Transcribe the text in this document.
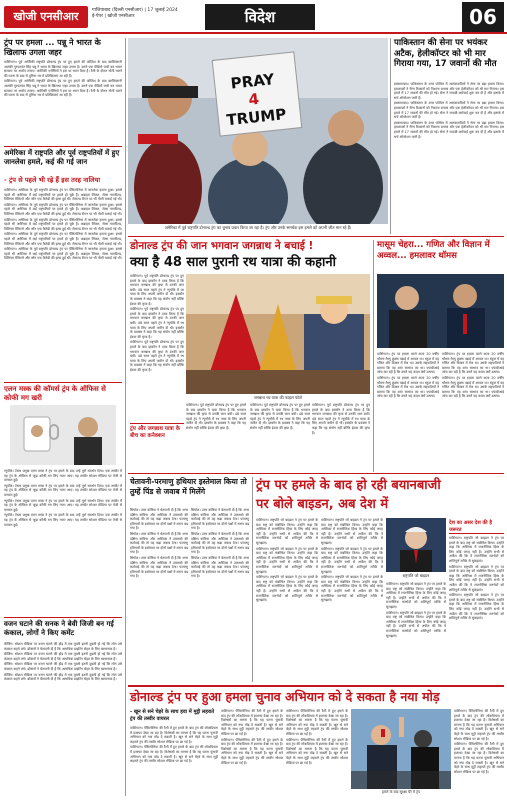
खोजी एनसीआर	गाजियाबाद (दिल्ली एनसीआर) | 17 जुलाई 2024
ई-पेपर | खोजी एनसीआर	विदेश	06
ट्रंप पर हमला ... पन्नू ने भारत के खिलाफ उगला जहर

वाशिंगटन। पूर्व अमेरिकी राष्ट्रपति डोनाल्ड ट्रंप पर हुए हमले की कोशिश के बाद खालिस्तानी आतंकी गुरपतवंत सिंह पन्नू ने भारत के खिलाफ जहर उगला है। उसने एक वीडियो जारी कर भारत सरकार पर आरोप लगाए। अमेरिकी एजेंसियों ने इस पर ध्यान दिया है। रैली के दौरान गोली चलने की घटना के बाद से दुनिया भर में प्रतिक्रियाएं आ रही हैं।

वाशिंगटन। पूर्व अमेरिकी राष्ट्रपति डोनाल्ड ट्रंप पर हुए हमले की कोशिश के बाद खालिस्तानी आतंकी गुरपतवंत सिंह पन्नू ने भारत के खिलाफ जहर उगला है। उसने एक वीडियो जारी कर भारत सरकार पर आरोप लगाए। अमेरिकी एजेंसियों ने इस पर ध्यान दिया है। रैली के दौरान गोली चलने की घटना के बाद से दुनिया भर में प्रतिक्रियाएं आ रही हैं।

अमेरिका में राष्ट्रपति और पूर्व राष्ट्रपतियों में हुए जानलेवा हमले, कई की गई जान
- ट्रंप से पहले भी रह्रे हैं इस तरह नालिया

वाशिंगटन। अमेरिका के पूर्व राष्ट्रपति डोनाल्ड ट्रंप पर पेंसिल्वेनिया में जानलेवा हमला हुआ। इससे पहले भी अमेरिका में कई राष्ट्रपतियों पर हमले हो चुके हैं। अब्राहम लिंकन, जेम्स गारफील्ड, विलियम मैकिन्ले और जॉन एफ कैनेडी की हत्या हुई थी। रोनाल्ड रीगन पर भी गोली चलाई गई थी।

वाशिंगटन। अमेरिका के पूर्व राष्ट्रपति डोनाल्ड ट्रंप पर पेंसिल्वेनिया में जानलेवा हमला हुआ। इससे पहले भी अमेरिका में कई राष्ट्रपतियों पर हमले हो चुके हैं। अब्राहम लिंकन, जेम्स गारफील्ड, विलियम मैकिन्ले और जॉन एफ कैनेडी की हत्या हुई थी। रोनाल्ड रीगन पर भी गोली चलाई गई थी।

वाशिंगटन। अमेरिका के पूर्व राष्ट्रपति डोनाल्ड ट्रंप पर पेंसिल्वेनिया में जानलेवा हमला हुआ। इससे पहले भी अमेरिका में कई राष्ट्रपतियों पर हमले हो चुके हैं। अब्राहम लिंकन, जेम्स गारफील्ड, विलियम मैकिन्ले और जॉन एफ कैनेडी की हत्या हुई थी। रोनाल्ड रीगन पर भी गोली चलाई गई थी।

वाशिंगटन। अमेरिका के पूर्व राष्ट्रपति डोनाल्ड ट्रंप पर पेंसिल्वेनिया में जानलेवा हमला हुआ। इससे पहले भी अमेरिका में कई राष्ट्रपतियों पर हमले हो चुके हैं। अब्राहम लिंकन, जेम्स गारफील्ड, विलियम मैकिन्ले और जॉन एफ कैनेडी की हत्या हुई थी। रोनाल्ड रीगन पर भी गोली चलाई गई थी।

वाशिंगटन। अमेरिका के पूर्व राष्ट्रपति डोनाल्ड ट्रंप पर पेंसिल्वेनिया में जानलेवा हमला हुआ। इससे पहले भी अमेरिका में कई राष्ट्रपतियों पर हमले हो चुके हैं। अब्राहम लिंकन, जेम्स गारफील्ड, विलियम मैकिन्ले और जॉन एफ कैनेडी की हत्या हुई थी। रोनाल्ड रीगन पर भी गोली चलाई गई थी।

एलन मस्क की कॉमर्स ट्रंप के ऑफिस से कोफी मग खरी

न्यूयॉर्क। टेस्ला प्रमुख एलन मस्क ने ट्रंप पर हमले के बाद उन्हें पूर्ण समर्थन दिया। एक तस्वीर में वह ट्रंप के ऑफिस से जुड़ा कॉफी मग लिए नजर आए। यह तस्वीर सोशल मीडिया पर तेजी से वायरल हुई।

न्यूयॉर्क। टेस्ला प्रमुख एलन मस्क ने ट्रंप पर हमले के बाद उन्हें पूर्ण समर्थन दिया। एक तस्वीर में वह ट्रंप के ऑफिस से जुड़ा कॉफी मग लिए नजर आए। यह तस्वीर सोशल मीडिया पर तेजी से वायरल हुई।

न्यूयॉर्क। टेस्ला प्रमुख एलन मस्क ने ट्रंप पर हमले के बाद उन्हें पूर्ण समर्थन दिया। एक तस्वीर में वह ट्रंप के ऑफिस से जुड़ा कॉफी मग लिए नजर आए। यह तस्वीर सोशल मीडिया पर तेजी से वायरल हुई।

न्यूयॉर्क। टेस्ला प्रमुख एलन मस्क ने ट्रंप पर हमले के बाद उन्हें पूर्ण समर्थन दिया। एक तस्वीर में वह ट्रंप के ऑफिस से जुड़ा कॉफी मग लिए नजर आए। यह तस्वीर सोशल मीडिया पर तेजी से वायरल हुई।

वजन घटाने की सनक ने बेवी जिजी बन गई कंकाल, लोगों ने किए कमेंट

बीजिंग। सोशल मीडिया पर वजन घटाने की होड़ में एक युवती इतनी दुबली हो गई कि लोग उसे कंकाल कहने लगे। डॉक्टरों ने चेतावनी दी है कि अत्यधिक डाइटिंग सेहत के लिए खतरनाक है।

बीजिंग। सोशल मीडिया पर वजन घटाने की होड़ में एक युवती इतनी दुबली हो गई कि लोग उसे कंकाल कहने लगे। डॉक्टरों ने चेतावनी दी है कि अत्यधिक डाइटिंग सेहत के लिए खतरनाक है।

बीजिंग। सोशल मीडिया पर वजन घटाने की होड़ में एक युवती इतनी दुबली हो गई कि लोग उसे कंकाल कहने लगे। डॉक्टरों ने चेतावनी दी है कि अत्यधिक डाइटिंग सेहत के लिए खतरनाक है।

बीजिंग। सोशल मीडिया पर वजन घटाने की होड़ में एक युवती इतनी दुबली हो गई कि लोग उसे कंकाल कहने लगे। डॉक्टरों ने चेतावनी दी है कि अत्यधिक डाइटिंग सेहत के लिए खतरनाक है।

PRAY
4
TRUMP
अमेरिका में पूर्व राष्ट्रपति डोनाल्ड ट्रंप का चुनाव प्रचार किया जा रहा है। ट्रंप और उनके समर्थक इस हमले को अपनी जीत मान रहे हैं।
पाकिस्तान की सेना पर भयंकर अटैक, हेलीकॉप्टर को भी मार गिराया गया, 17 जवानों की मौत

इस्लामाबाद। पाकिस्तान के उत्तर पश्चिम में आतंकवादियों ने सेना पर बड़ा हमला किया। हमलावरों ने सैन्य ठिकानों को निशाना बनाया और एक हेलीकॉप्टर को भी मार गिराया। इस हमले में 17 जवानों की मौत हो गई। सेना ने जवाबी कार्रवाई शुरू कर दी है और इलाके में सर्च ऑपरेशन जारी है।

इस्लामाबाद। पाकिस्तान के उत्तर पश्चिम में आतंकवादियों ने सेना पर बड़ा हमला किया। हमलावरों ने सैन्य ठिकानों को निशाना बनाया और एक हेलीकॉप्टर को भी मार गिराया। इस हमले में 17 जवानों की मौत हो गई। सेना ने जवाबी कार्रवाई शुरू कर दी है और इलाके में सर्च ऑपरेशन जारी है।

इस्लामाबाद। पाकिस्तान के उत्तर पश्चिम में आतंकवादियों ने सेना पर बड़ा हमला किया। हमलावरों ने सैन्य ठिकानों को निशाना बनाया और एक हेलीकॉप्टर को भी मार गिराया। इस हमले में 17 जवानों की मौत हो गई। सेना ने जवाबी कार्रवाई शुरू कर दी है और इलाके में सर्च ऑपरेशन जारी है।

डोनाल्ड ट्रंप की जान भगवान जगन्नाथ ने बचाई !
क्या है 48 साल पुरानी रथ यात्रा की कहानी

वाशिंगटन। पूर्व राष्ट्रपति डोनाल्ड ट्रंप पर हुए हमले के बाद इस्कॉन ने दावा किया है कि भगवान जगन्नाथ की कृपा से उनकी जान बची। 48 साल पहले ट्रंप ने न्यूयॉर्क में रथ यात्रा के लिए अपनी जमीन दी थी। इस्कॉन के प्रवक्ता ने कहा कि यह संयोग नहीं बल्कि ईश्वर की कृपा है।

वाशिंगटन। पूर्व राष्ट्रपति डोनाल्ड ट्रंप पर हुए हमले के बाद इस्कॉन ने दावा किया है कि भगवान जगन्नाथ की कृपा से उनकी जान बची। 48 साल पहले ट्रंप ने न्यूयॉर्क में रथ यात्रा के लिए अपनी जमीन दी थी। इस्कॉन के प्रवक्ता ने कहा कि यह संयोग नहीं बल्कि ईश्वर की कृपा है।

वाशिंगटन। पूर्व राष्ट्रपति डोनाल्ड ट्रंप पर हुए हमले के बाद इस्कॉन ने दावा किया है कि भगवान जगन्नाथ की कृपा से उनकी जान बची। 48 साल पहले ट्रंप ने न्यूयॉर्क में रथ यात्रा के लिए अपनी जमीन दी थी। इस्कॉन के प्रवक्ता ने कहा कि यह संयोग नहीं बल्कि ईश्वर की कृपा है।

जगन्नाथ रथ यात्रा की फाइल फोटो

वाशिंगटन। पूर्व राष्ट्रपति डोनाल्ड ट्रंप पर हुए हमले के बाद इस्कॉन ने दावा किया है कि भगवान जगन्नाथ की कृपा से उनकी जान बची। 48 साल पहले ट्रंप ने न्यूयॉर्क में रथ यात्रा के लिए अपनी जमीन दी थी। इस्कॉन के प्रवक्ता ने कहा कि यह संयोग नहीं बल्कि ईश्वर की कृपा है।

वाशिंगटन। पूर्व राष्ट्रपति डोनाल्ड ट्रंप पर हुए हमले के बाद इस्कॉन ने दावा किया है कि भगवान जगन्नाथ की कृपा से उनकी जान बची। 48 साल पहले ट्रंप ने न्यूयॉर्क में रथ यात्रा के लिए अपनी जमीन दी थी। इस्कॉन के प्रवक्ता ने कहा कि यह संयोग नहीं बल्कि ईश्वर की कृपा है।

वाशिंगटन। पूर्व राष्ट्रपति डोनाल्ड ट्रंप पर हुए हमले के बाद इस्कॉन ने दावा किया है कि भगवान जगन्नाथ की कृपा से उनकी जान बची। 48 साल पहले ट्रंप ने न्यूयॉर्क में रथ यात्रा के लिए अपनी जमीन दी थी। इस्कॉन के प्रवक्ता ने कहा कि यह संयोग नहीं बल्कि ईश्वर की कृपा है।

ट्रंप और जगन्नाथ यात्रा के बीच का कनेक्शन
मासूम चेहरा... गणित और विज्ञान में अव्वल... हमलावर थॉमस

वाशिंगटन। ट्रंप पर हमला करने वाला 20 वर्षीय थॉमस मैथ्यू क्रुक्स पढ़ाई में अव्वल था। स्कूल में वह गणित और विज्ञान में तेज था। उसके सहपाठियों ने बताया कि वह शांत स्वभाव का था। एफबीआई जांच कर रही है कि उसने यह कदम क्यों उठाया।

वाशिंगटन। ट्रंप पर हमला करने वाला 20 वर्षीय थॉमस मैथ्यू क्रुक्स पढ़ाई में अव्वल था। स्कूल में वह गणित और विज्ञान में तेज था। उसके सहपाठियों ने बताया कि वह शांत स्वभाव का था। एफबीआई जांच कर रही है कि उसने यह कदम क्यों उठाया।

वाशिंगटन। ट्रंप पर हमला करने वाला 20 वर्षीय थॉमस मैथ्यू क्रुक्स पढ़ाई में अव्वल था। स्कूल में वह गणित और विज्ञान में तेज था। उसके सहपाठियों ने बताया कि वह शांत स्वभाव का था। एफबीआई जांच कर रही है कि उसने यह कदम क्यों उठाया।

वाशिंगटन। ट्रंप पर हमला करने वाला 20 वर्षीय थॉमस मैथ्यू क्रुक्स पढ़ाई में अव्वल था। स्कूल में वह गणित और विज्ञान में तेज था। उसके सहपाठियों ने बताया कि वह शांत स्वभाव का था। एफबीआई जांच कर रही है कि उसने यह कदम क्यों उठाया।

चेतावनी-परमाणु हथियार इस्तेमाल किया तो तुम्हें पिंड से जवाब में मिलेंगे

सियोल। उत्तर कोरिया ने चेतावनी दी है कि अगर दक्षिण कोरिया और अमेरिका ने उकसावे की कार्रवाई की तो वह कड़ा जवाब देगा। परमाणु हथियारों के इस्तेमाल पर दोनों पक्षों में तनाव बढ़ गया है।

सियोल। उत्तर कोरिया ने चेतावनी दी है कि अगर दक्षिण कोरिया और अमेरिका ने उकसावे की कार्रवाई की तो वह कड़ा जवाब देगा। परमाणु हथियारों के इस्तेमाल पर दोनों पक्षों में तनाव बढ़ गया है।

सियोल। उत्तर कोरिया ने चेतावनी दी है कि अगर दक्षिण कोरिया और अमेरिका ने उकसावे की कार्रवाई की तो वह कड़ा जवाब देगा। परमाणु हथियारों के इस्तेमाल पर दोनों पक्षों में तनाव बढ़ गया है।

सियोल। उत्तर कोरिया ने चेतावनी दी है कि अगर दक्षिण कोरिया और अमेरिका ने उकसावे की कार्रवाई की तो वह कड़ा जवाब देगा। परमाणु हथियारों के इस्तेमाल पर दोनों पक्षों में तनाव बढ़ गया है।

सियोल। उत्तर कोरिया ने चेतावनी दी है कि अगर दक्षिण कोरिया और अमेरिका ने उकसावे की कार्रवाई की तो वह कड़ा जवाब देगा। परमाणु हथियारों के इस्तेमाल पर दोनों पक्षों में तनाव बढ़ गया है।

सियोल। उत्तर कोरिया ने चेतावनी दी है कि अगर दक्षिण कोरिया और अमेरिका ने उकसावे की कार्रवाई की तो वह कड़ा जवाब देगा। परमाणु हथियारों के इस्तेमाल पर दोनों पक्षों में तनाव बढ़ गया है।

ट्रंप पर हमले के बाद हो रही बयानबाजी
पर बोले बाइडन, अब देश में

वाशिंगटन। राष्ट्रपति जो बाइडन ने ट्रंप पर हमले के बाद राष्ट्र को संबोधित किया। उन्होंने कहा कि अमेरिका में राजनीतिक हिंसा के लिए कोई जगह नहीं है। उन्होंने सभी से अपील की कि वे राजनीतिक मतभेदों को शांतिपूर्ण तरीके से सुलझाएं।

वाशिंगटन। राष्ट्रपति जो बाइडन ने ट्रंप पर हमले के बाद राष्ट्र को संबोधित किया। उन्होंने कहा कि अमेरिका में राजनीतिक हिंसा के लिए कोई जगह नहीं है। उन्होंने सभी से अपील की कि वे राजनीतिक मतभेदों को शांतिपूर्ण तरीके से सुलझाएं।

वाशिंगटन। राष्ट्रपति जो बाइडन ने ट्रंप पर हमले के बाद राष्ट्र को संबोधित किया। उन्होंने कहा कि अमेरिका में राजनीतिक हिंसा के लिए कोई जगह नहीं है। उन्होंने सभी से अपील की कि वे राजनीतिक मतभेदों को शांतिपूर्ण तरीके से सुलझाएं।

वाशिंगटन। राष्ट्रपति जो बाइडन ने ट्रंप पर हमले के बाद राष्ट्र को संबोधित किया। उन्होंने कहा कि अमेरिका में राजनीतिक हिंसा के लिए कोई जगह नहीं है। उन्होंने सभी से अपील की कि वे राजनीतिक मतभेदों को शांतिपूर्ण तरीके से सुलझाएं।

वाशिंगटन। राष्ट्रपति जो बाइडन ने ट्रंप पर हमले के बाद राष्ट्र को संबोधित किया। उन्होंने कहा कि अमेरिका में राजनीतिक हिंसा के लिए कोई जगह नहीं है। उन्होंने सभी से अपील की कि वे राजनीतिक मतभेदों को शांतिपूर्ण तरीके से सुलझाएं।

वाशिंगटन। राष्ट्रपति जो बाइडन ने ट्रंप पर हमले के बाद राष्ट्र को संबोधित किया। उन्होंने कहा कि अमेरिका में राजनीतिक हिंसा के लिए कोई जगह नहीं है। उन्होंने सभी से अपील की कि वे राजनीतिक मतभेदों को शांतिपूर्ण तरीके से सुलझाएं।

राष्ट्रपति जो बाइडन
देश का असर देश की है जरूरत

वाशिंगटन। राष्ट्रपति जो बाइडन ने ट्रंप पर हमले के बाद राष्ट्र को संबोधित किया। उन्होंने कहा कि अमेरिका में राजनीतिक हिंसा के लिए कोई जगह नहीं है। उन्होंने सभी से अपील की कि वे राजनीतिक मतभेदों को शांतिपूर्ण तरीके से सुलझाएं।

वाशिंगटन। राष्ट्रपति जो बाइडन ने ट्रंप पर हमले के बाद राष्ट्र को संबोधित किया। उन्होंने कहा कि अमेरिका में राजनीतिक हिंसा के लिए कोई जगह नहीं है। उन्होंने सभी से अपील की कि वे राजनीतिक मतभेदों को शांतिपूर्ण तरीके से सुलझाएं।

वाशिंगटन। राष्ट्रपति जो बाइडन ने ट्रंप पर हमले के बाद राष्ट्र को संबोधित किया। उन्होंने कहा कि अमेरिका में राजनीतिक हिंसा के लिए कोई जगह नहीं है। उन्होंने सभी से अपील की कि वे राजनीतिक मतभेदों को शांतिपूर्ण तरीके से सुलझाएं।

वाशिंगटन। राष्ट्रपति जो बाइडन ने ट्रंप पर हमले के बाद राष्ट्र को संबोधित किया। उन्होंने कहा कि अमेरिका में राजनीतिक हिंसा के लिए कोई जगह नहीं है। उन्होंने सभी से अपील की कि वे राजनीतिक मतभेदों को शांतिपूर्ण तरीके से सुलझाएं।

वाशिंगटन। राष्ट्रपति जो बाइडन ने ट्रंप पर हमले के बाद राष्ट्र को संबोधित किया। उन्होंने कहा कि अमेरिका में राजनीतिक हिंसा के लिए कोई जगह नहीं है। उन्होंने सभी से अपील की कि वे राजनीतिक मतभेदों को शांतिपूर्ण तरीके से सुलझाएं।

डोनाल्ड ट्रंप पर हुआ हमला चुनाव अभियान को दे सकता है नया मोड़
- खून से सने चेहरे के साथ हवा में मुट्ठी लहराते ट्रंप की तस्वीर वायरल

वाशिंगटन। पेंसिल्वेनिया की रैली में हुए हमले के बाद ट्रंप की लोकप्रियता में इजाफा देखा जा रहा है। विशेषज्ञों का मानना है कि यह घटना चुनावी अभियान को नया मोड़ दे सकती है। खून से सने चेहरे के साथ मुट्ठी लहराते ट्रंप की तस्वीर सोशल मीडिया पर छा गई है।

वाशिंगटन। पेंसिल्वेनिया की रैली में हुए हमले के बाद ट्रंप की लोकप्रियता में इजाफा देखा जा रहा है। विशेषज्ञों का मानना है कि यह घटना चुनावी अभियान को नया मोड़ दे सकती है। खून से सने चेहरे के साथ मुट्ठी लहराते ट्रंप की तस्वीर सोशल मीडिया पर छा गई है।

वाशिंगटन। पेंसिल्वेनिया की रैली में हुए हमले के बाद ट्रंप की लोकप्रियता में इजाफा देखा जा रहा है। विशेषज्ञों का मानना है कि यह घटना चुनावी अभियान को नया मोड़ दे सकती है। खून से सने चेहरे के साथ मुट्ठी लहराते ट्रंप की तस्वीर सोशल मीडिया पर छा गई है।

वाशिंगटन। पेंसिल्वेनिया की रैली में हुए हमले के बाद ट्रंप की लोकप्रियता में इजाफा देखा जा रहा है। विशेषज्ञों का मानना है कि यह घटना चुनावी अभियान को नया मोड़ दे सकती है। खून से सने चेहरे के साथ मुट्ठी लहराते ट्रंप की तस्वीर सोशल मीडिया पर छा गई है।

वाशिंगटन। पेंसिल्वेनिया की रैली में हुए हमले के बाद ट्रंप की लोकप्रियता में इजाफा देखा जा रहा है। विशेषज्ञों का मानना है कि यह घटना चुनावी अभियान को नया मोड़ दे सकती है। खून से सने चेहरे के साथ मुट्ठी लहराते ट्रंप की तस्वीर सोशल मीडिया पर छा गई है।

वाशिंगटन। पेंसिल्वेनिया की रैली में हुए हमले के बाद ट्रंप की लोकप्रियता में इजाफा देखा जा रहा है। विशेषज्ञों का मानना है कि यह घटना चुनावी अभियान को नया मोड़ दे सकती है। खून से सने चेहरे के साथ मुट्ठी लहराते ट्रंप की तस्वीर सोशल मीडिया पर छा गई है।

हमले के बाद सुरक्षा घेरे में ट्रंप

वाशिंगटन। पेंसिल्वेनिया की रैली में हुए हमले के बाद ट्रंप की लोकप्रियता में इजाफा देखा जा रहा है। विशेषज्ञों का मानना है कि यह घटना चुनावी अभियान को नया मोड़ दे सकती है। खून से सने चेहरे के साथ मुट्ठी लहराते ट्रंप की तस्वीर सोशल मीडिया पर छा गई है।

वाशिंगटन। पेंसिल्वेनिया की रैली में हुए हमले के बाद ट्रंप की लोकप्रियता में इजाफा देखा जा रहा है। विशेषज्ञों का मानना है कि यह घटना चुनावी अभियान को नया मोड़ दे सकती है। खून से सने चेहरे के साथ मुट्ठी लहराते ट्रंप की तस्वीर सोशल मीडिया पर छा गई है।
